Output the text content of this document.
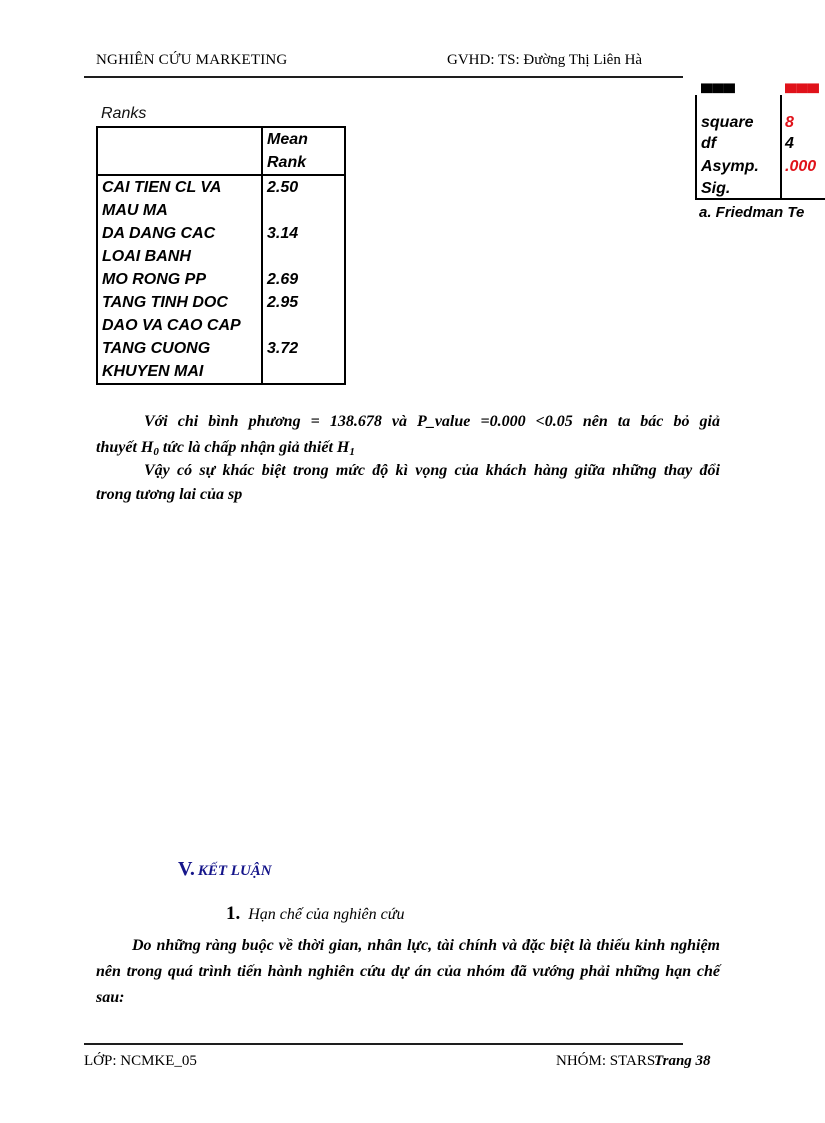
NGHIÊN CỨU MARKETING	GVHD: TS: Đường Thị Liên Hà
Ranks

	Mean
Rank

CAI TIEN CL VA
MAU MA	2.50

DA DANG CAC
LOAI BANH	3.14

MO RONG PP	2.69

TANG TINH DOC
DAO VA CAO CAP	2.95

TANG CUONG
KHUYEN MAI	3.72
▀▀▀
▀▀▀
square 8
df	4
Asymp. .000
Sig.
a. Friedman Te
Với chi bình phương = 138.678 và P_value =0.000 <0.05 nên ta bác bỏ giả
thuyết $H_0$ tức là chấp nhận giả thiết $H_1$
Vậy có sự khác biệt trong mức độ kì vọng của khách hàng giữa những thay đổi
trong tương lai của sp
V. KẾT LUẬN
1. Hạn chế của nghiên cứu
Do những ràng buộc về thời gian, nhân lực, tài chính và đặc biệt là thiếu kinh nghiệm nên trong quá trình tiến hành nghiên cứu dự án của nhóm đã vướng phải những hạn chế sau:
LỚP: NCMKE_05	NHÓM: STARS
Trang 38
